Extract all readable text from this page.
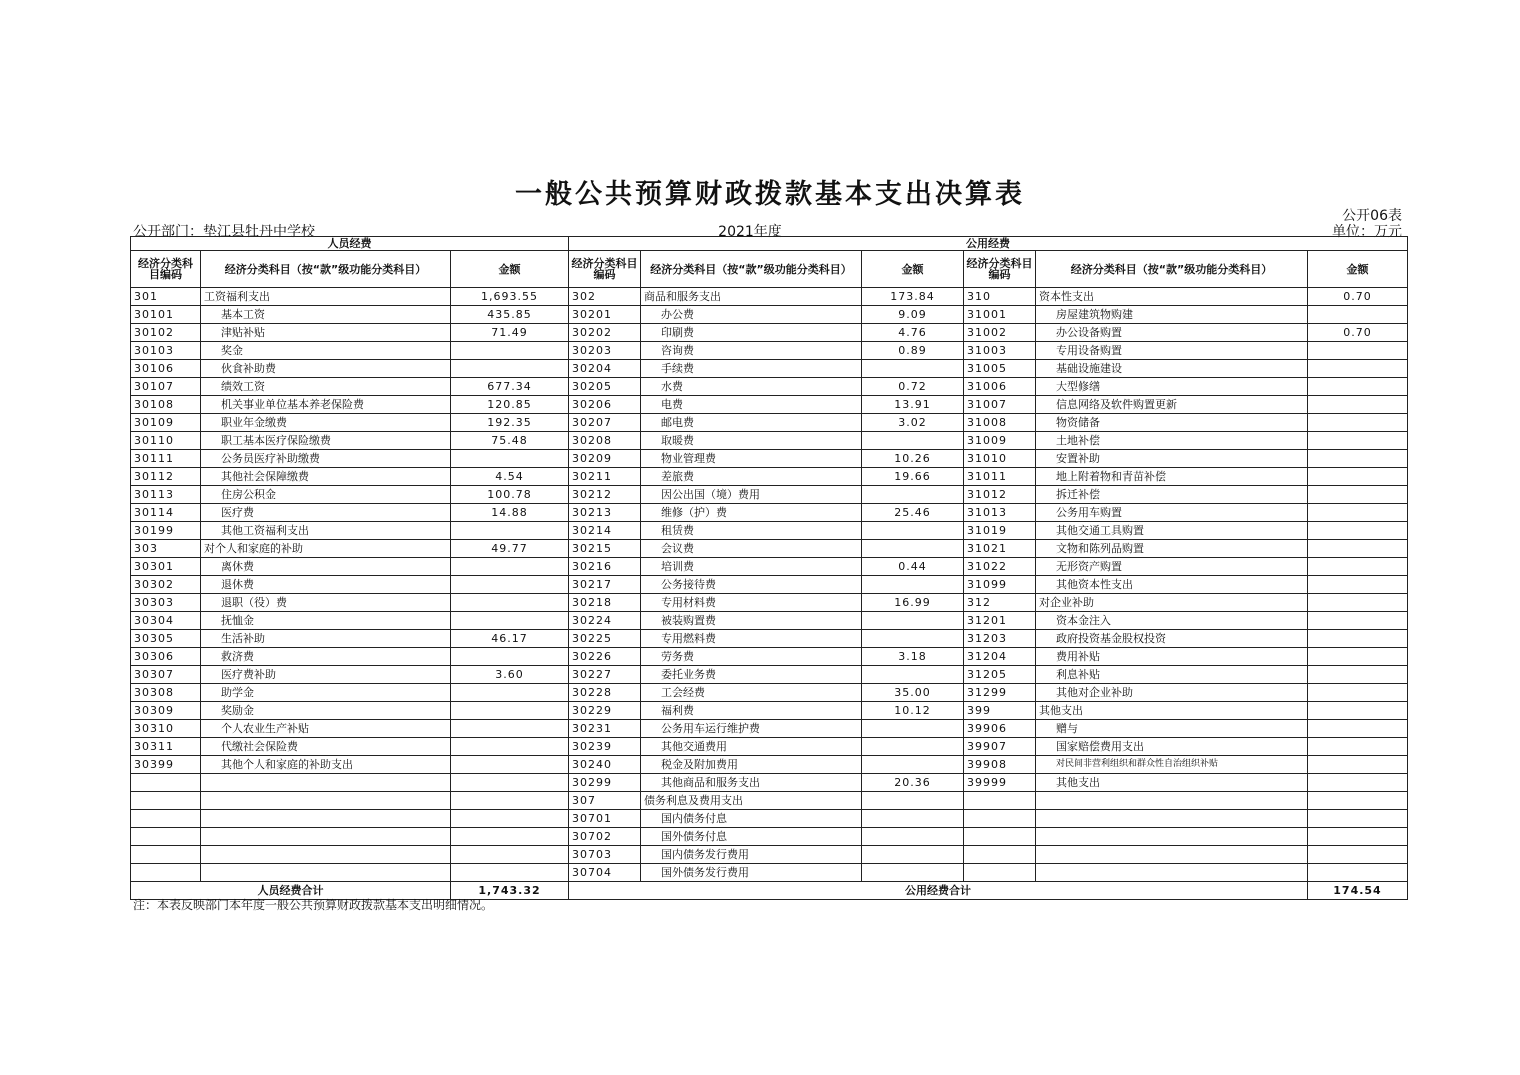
一般公共预算财政拨款基本支出决算表
公开06表
公开部门：垫江县牡丹中学校	2021年度	单位：万元
人员经费			公用经费					
经济分类科目编码	经济分类科目（按“款”级功能分类科目）	金额	经济分类科目编码	经济分类科目（按“款”级功能分类科目）	金额	经济分类科目编码	经济分类科目（按“款”级功能分类科目）	金额
301	工资福利支出	1,693.55	302	商品和服务支出	173.84	310	资本性支出	0.70
30101	基本工资	435.85	30201	办公费	9.09	31001	房屋建筑物购建	
30102	津贴补贴	71.49	30202	印刷费	4.76	31002	办公设备购置	0.70
30103	奖金		30203	咨询费	0.89	31003	专用设备购置	
30106	伙食补助费		30204	手续费		31005	基础设施建设	
30107	绩效工资	677.34	30205	水费	0.72	31006	大型修缮	
30108	机关事业单位基本养老保险费	120.85	30206	电费	13.91	31007	信息网络及软件购置更新	
30109	职业年金缴费	192.35	30207	邮电费	3.02	31008	物资储备	
30110	职工基本医疗保险缴费	75.48	30208	取暖费		31009	土地补偿	
30111	公务员医疗补助缴费		30209	物业管理费	10.26	31010	安置补助	
30112	其他社会保障缴费	4.54	30211	差旅费	19.66	31011	地上附着物和青苗补偿	
30113	住房公积金	100.78	30212	因公出国（境）费用		31012	拆迁补偿	
30114	医疗费	14.88	30213	维修（护）费	25.46	31013	公务用车购置	
30199	其他工资福利支出		30214	租赁费		31019	其他交通工具购置	
303	对个人和家庭的补助	49.77	30215	会议费		31021	文物和陈列品购置	
30301	离休费		30216	培训费	0.44	31022	无形资产购置	
30302	退休费		30217	公务接待费		31099	其他资本性支出	
30303	退职（役）费		30218	专用材料费	16.99	312	对企业补助	
30304	抚恤金		30224	被装购置费		31201	资本金注入	
30305	生活补助	46.17	30225	专用燃料费		31203	政府投资基金股权投资	
30306	救济费		30226	劳务费	3.18	31204	费用补贴	
30307	医疗费补助	3.60	30227	委托业务费		31205	利息补贴	
30308	助学金		30228	工会经费	35.00	31299	其他对企业补助	
30309	奖励金		30229	福利费	10.12	399	其他支出	
30310	个人农业生产补贴		30231	公务用车运行维护费		39906	赠与	
30311	代缴社会保险费		30239	其他交通费用		39907	国家赔偿费用支出	
30399	其他个人和家庭的补助支出		30240	税金及附加费用		39908	对民间非营利组织和群众性自治组织补贴	
			30299	其他商品和服务支出	20.36	39999	其他支出	
			307	债务利息及费用支出				
			30701	国内债务付息				
			30702	国外债务付息				
			30703	国内债务发行费用				
			30704	国外债务发行费用				
人员经费合计		1,743.32	公用经费合计					174.54
注：本表反映部门本年度一般公共预算财政拨款基本支出明细情况。
